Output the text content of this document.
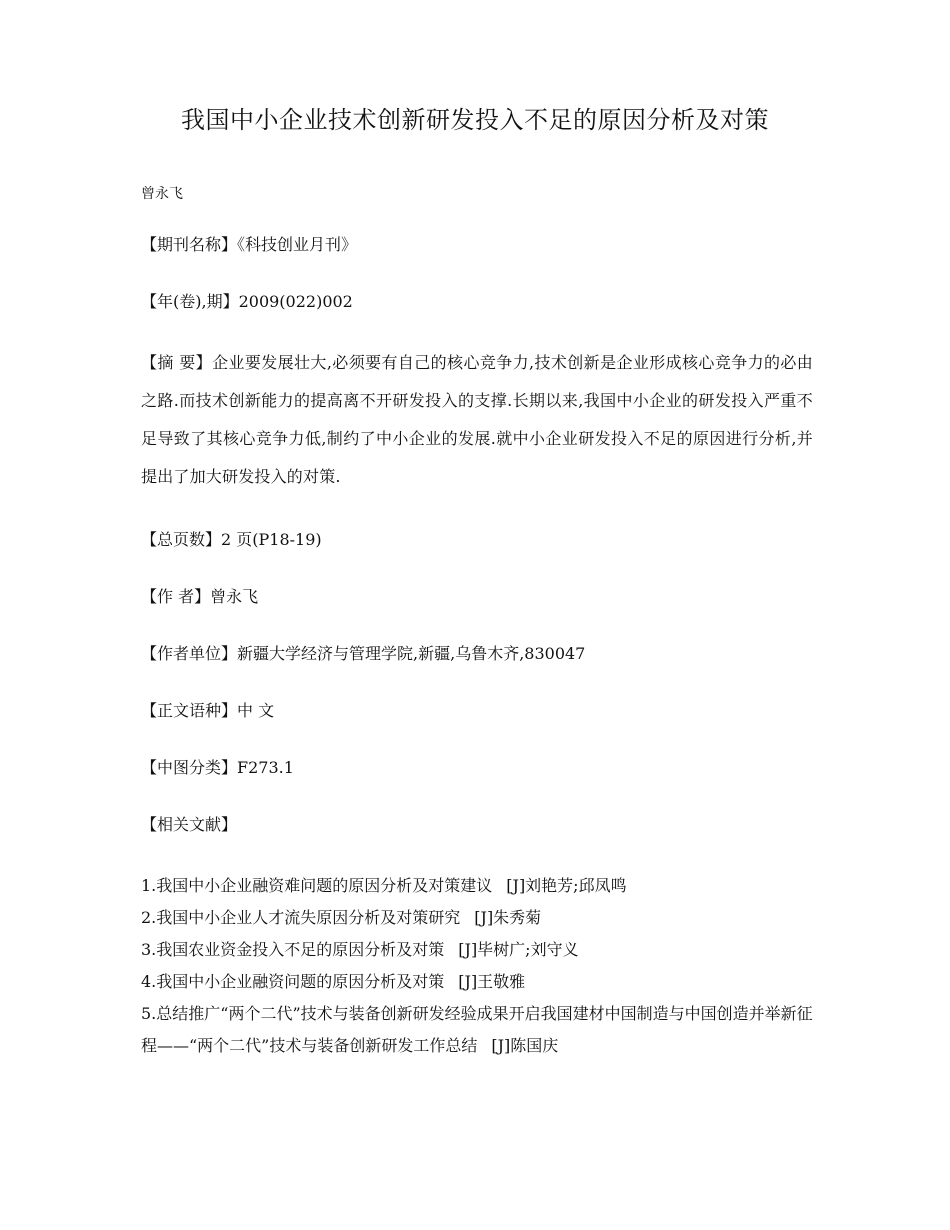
我国中小企业技术创新研发投入不足的原因分析及对策
曾永飞
【期刊名称】《科技创业月刊》
【年(卷),期】2009(022)002
【摘 要】企业要发展壮大,必须要有自己的核心竞争力,技术创新是企业形成核心竞争力的必由之路.而技术创新能力的提高离不开研发投入的支撑.长期以来,我国中小企业的研发投入严重不足导致了其核心竞争力低,制约了中小企业的发展.就中小企业研发投入不足的原因进行分析,并提出了加大研发投入的对策.
【总页数】2 页(P18-19)
【作 者】曾永飞
【作者单位】新疆大学经济与管理学院,新疆,乌鲁木齐,830047
【正文语种】中 文
【中图分类】F273.1
【相关文献】
1.我国中小企业融资难问题的原因分析及对策建议 [J]刘艳芳;邱凤鸣
2.我国中小企业人才流失原因分析及对策研究 [J]朱秀菊
3.我国农业资金投入不足的原因分析及对策 [J]毕树广;刘守义
4.我国中小企业融资问题的原因分析及对策 [J]王敬雅
5.总结推广“两个二代”技术与装备创新研发经验成果开启我国建材中国制造与中国创造并举新征程——“两个二代”技术与装备创新研发工作总结 [J]陈国庆
